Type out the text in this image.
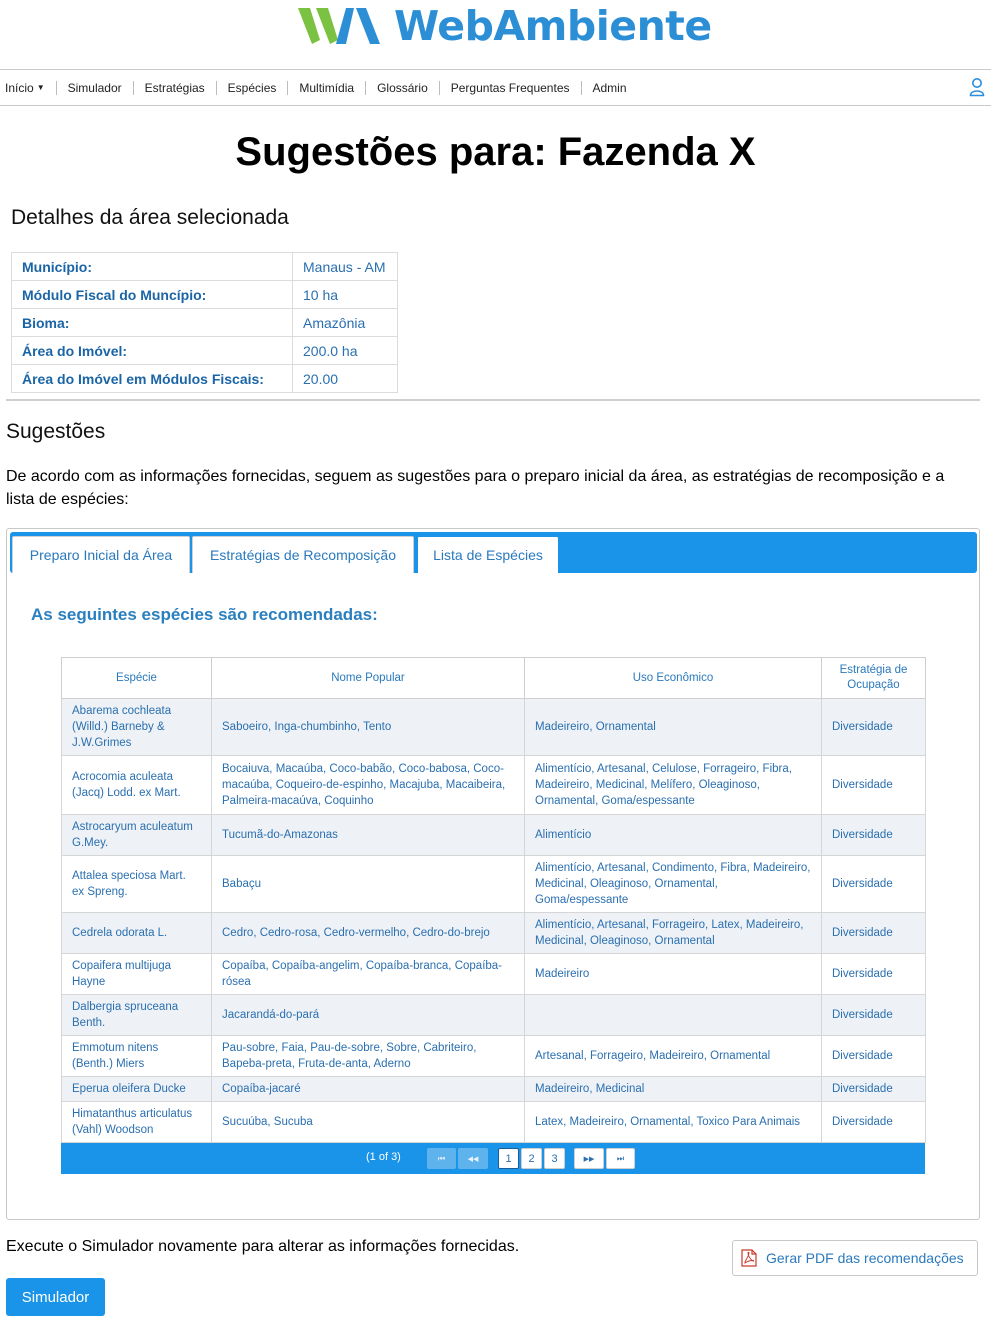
WebAmbiente
Início ▼	Simulador	Estratégias	Espécies	Multimídia	Glossário	Perguntas Frequentes	Admin
Sugestões para: Fazenda X
Detalhes da área selecionada
Município:	Manaus - AM
Módulo Fiscal do Muncípio:	10 ha
Bioma:	Amazônia
Área do Imóvel:	200.0 ha
Área do Imóvel em Módulos Fiscais:	20.00
Sugestões

De acordo com as informações fornecidas, seguem as sugestões para o preparo inicial da área, as estratégias de recomposição e a lista de espécies:

Preparo Inicial da Área	Estratégias de Recomposição	Lista de Espécies
As seguintes espécies são recomendadas:
Espécie	Nome Popular	Uso Econômico	Estratégia de Ocupação
Abarema cochleata (Willd.) Barneby & J.W.Grimes	Saboeiro, Inga-chumbinho, Tento	Madeireiro, Ornamental	Diversidade
Acrocomia aculeata (Jacq) Lodd. ex Mart.	Bocaiuva, Macaúba, Coco-babão, Coco-babosa, Coco-macaúba, Coqueiro-de-espinho, Macajuba, Macaibeira, Palmeira-macaúva, Coquinho	Alimentício, Artesanal, Celulose, Forrageiro, Fibra, Madeireiro, Medicinal, Melífero, Oleaginoso, Ornamental, Goma/espessante	Diversidade
Astrocaryum aculeatum G.Mey.	Tucumã-do-Amazonas	Alimentício	Diversidade
Attalea speciosa Mart. ex Spreng.	Babaçu	Alimentício, Artesanal, Condimento, Fibra, Madeireiro, Medicinal, Oleaginoso, Ornamental, Goma/espessante	Diversidade
Cedrela odorata L.	Cedro, Cedro-rosa, Cedro-vermelho, Cedro-do-brejo	Alimentício, Artesanal, Forrageiro, Latex, Madeireiro, Medicinal, Oleaginoso, Ornamental	Diversidade
Copaifera multijuga Hayne	Copaíba, Copaíba-angelim, Copaíba-branca, Copaíba-rósea	Madeireiro	Diversidade
Dalbergia spruceana Benth.	Jacarandá-do-pará		Diversidade
Emmotum nitens (Benth.) Miers	Pau-sobre, Faia, Pau-de-sobre, Sobre, Cabriteiro, Bapeba-preta, Fruta-de-anta, Aderno	Artesanal, Forrageiro, Madeireiro, Ornamental	Diversidade
Eperua oleifera Ducke	Copaíba-jacaré	Madeireiro, Medicinal	Diversidade
Himatanthus articulatus (Vahl) Woodson	Sucuúba, Sucuba	Latex, Madeireiro, Ornamental, Toxico Para Animais	Diversidade
(1 of 3)	⏮	◀◀	1	2	3	▶▶	⏭

Execute o Simulador novamente para alterar as informações fornecidas.

Gerar PDF das recomendações
Simulador
